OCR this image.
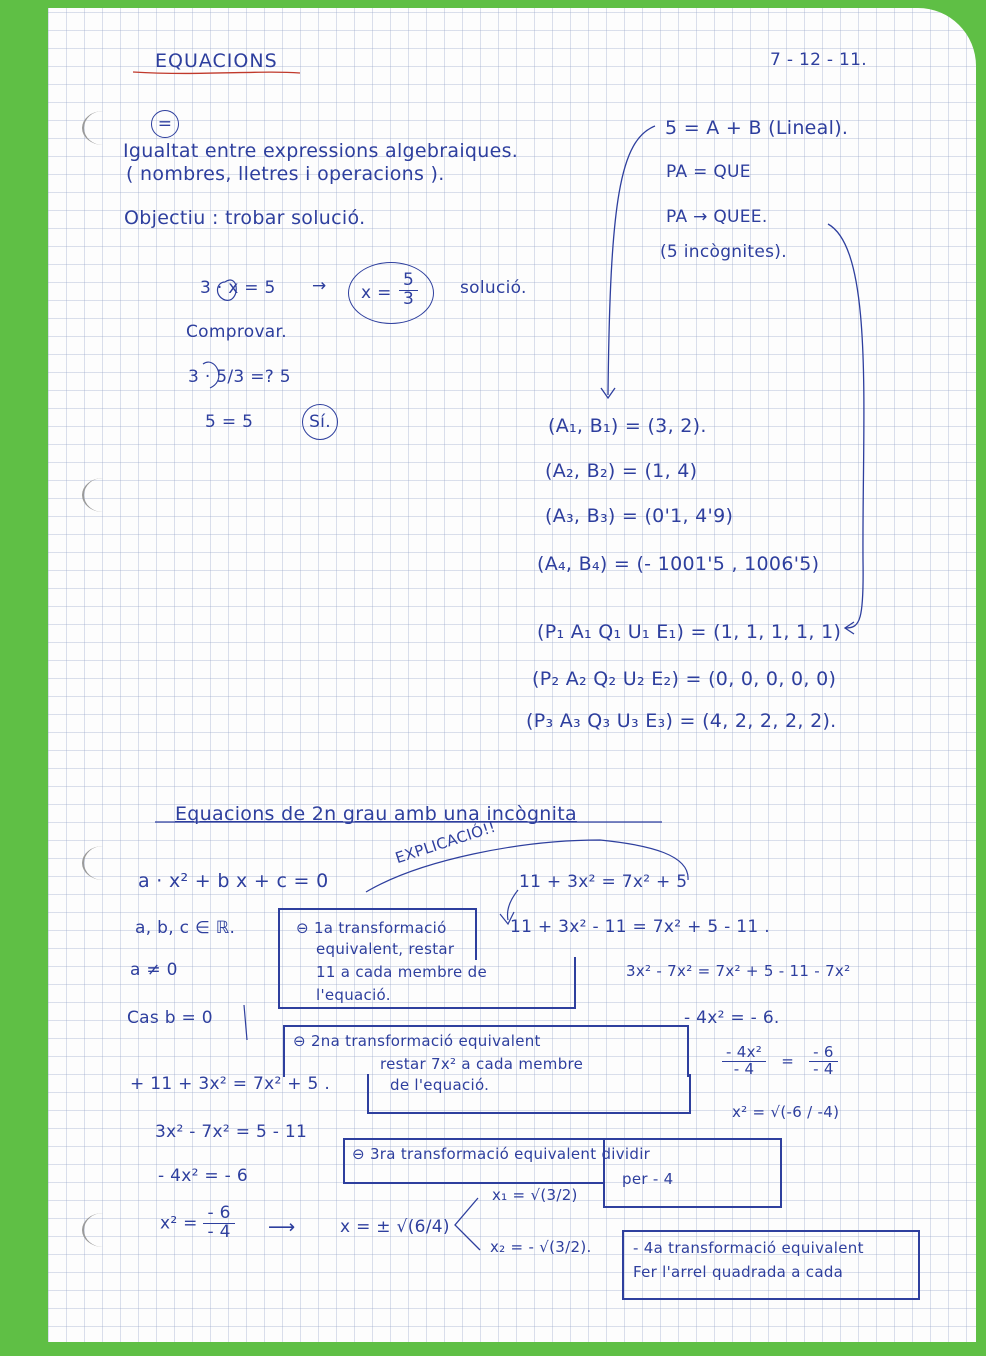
EQUACIONS	7 - 12 - 11.
=
Igualtat entre expressions algebraiques.
( nombres, lletres i operacions ).
Objectiu : trobar solució.
$3 \cdot x = 5 \to x = \frac{5}{3}$ solució.
Comprovar.
3 · 5/3 =? 5
5 = 5	Sí.
5 = A + B (Lineal).
PA = QUE
PA → QUEE.
(5 incògnites).
(A₁, B₁) = (3, 2).
(A₂, B₂) = (1, 4)
(A₃, B₃) = (0'1, 4'9)
(A₄, B₄) = (- 1001'5 , 1006'5)
(P₁ A₁ Q₁ U₁ E₁) = (1, 1, 1, 1, 1)
(P₂ A₂ Q₂ U₂ E₂) = (0, 0, 0, 0, 0)
(P₃ A₃ Q₃ U₃ E₃) = (4, 2, 2, 2, 2).
Equacions de 2n grau amb una incògnita
EXPLICACIÓ!!
a · x² + b x + c = 0
a, b, c ∈ ℝ.
a ≠ 0
Cas b = 0
+ 11 + 3x² = 7x² + 5 .
3x² - 7x² = 5 - 11
- 4x² = - 6
$x^2 = \frac{- 6}{- 4}$ ⟶	x = ± √(6/4)
x₁ = √(3/2)
x₂ = - √(3/2).
11 + 3x² = 7x² + 5
11 + 3x² - 11 = 7x² + 5 - 11 .
3x² - 7x² = 7x² + 5 - 11 - 7x²
- 4x² = - 6.
$\frac{\text{- 4x²}}{- 4} = \frac{- 6}{- 4}$
x² = √(-6 / -4)
⊖ 1a transformació
equivalent, restar
11 a cada membre de
l'equació.
⊖ 2na transformació equivalent
restar 7x² a cada membre
de l'equació.
⊖ 3ra transformació equivalent dividir
per - 4
- 4a transformació equivalent
Fer l'arrel quadrada a cada
